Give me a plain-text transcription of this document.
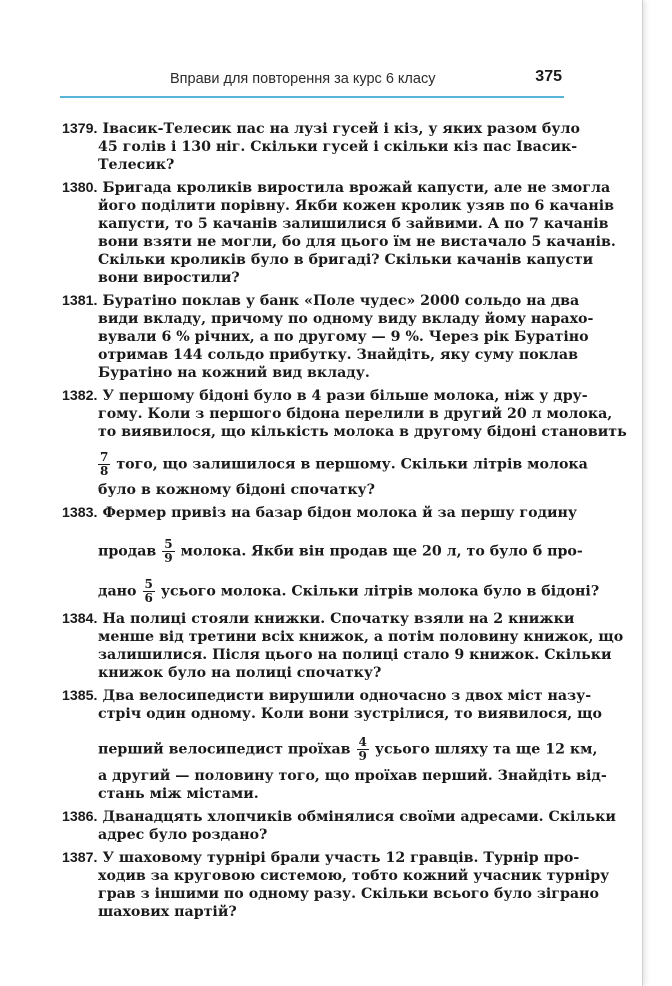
Вправи для повторення за курс 6 класу	375
1379. Івасик-Телесик пас на лузі гусей і кіз, у яких разом було
45 голів і 130 ніг. Скільки гусей і скільки кіз пас Івасик-
Телесик?
1380. Бригада кроликів виростила врожай капусти, але не змогла
його поділити порівну. Якби кожен кролик узяв по 6 качанів
капусти, то 5 качанів залишилися б зайвими. А по 7 качанів
вони взяти не могли, бо для цього їм не вистачало 5 качанів.
Скільки кроликів було в бригаді? Скільки качанів капусти
вони виростили?
1381. Буратіно поклав у банк «Поле чудес» 2000 сольдо на два
види вкладу, причому по одному виду вкладу йому нарахо-
вували 6 % річних, а по другому — 9 %. Через рік Буратіно
отримав 144 сольдо прибутку. Знайдіть, яку суму поклав
Буратіно на кожний вид вкладу.
1382. У першому бідоні було в 4 рази більше молока, ніж у дру-
гому. Коли з першого бідона перелили в другий 20 л молока,
то виявилося, що кількість молока в другому бідоні становить
$\frac{7}{8}$ того, що залишилося в першому. Скільки літрів молока
було в кожному бідоні спочатку?
1383. Фермер привіз на базар бідон молока й за першу годину
продав $\frac{5}{9}$ молока. Якби він продав ще 20 л, то було б про-
дано $\frac{5}{6}$ усього молока. Скільки літрів молока було в бідоні?
1384. На полиці стояли книжки. Спочатку взяли на 2 книжки
менше від третини всіх книжок, а потім половину книжок, що
залишилися. Після цього на полиці стало 9 книжок. Скільки
книжок було на полиці спочатку?
1385. Два велосипедисти вирушили одночасно з двох міст назу-
стріч один одному. Коли вони зустрілися, то виявилося, що
перший велосипедист проїхав $\frac{4}{9}$ усього шляху та ще 12 км,
а другий — половину того, що проїхав перший. Знайдіть від-
стань між містами.
1386. Дванадцять хлопчиків обмінялися своїми адресами. Скільки
адрес було роздано?
1387. У шаховому турнірі брали участь 12 гравців. Турнір про-
ходив за круговою системою, тобто кожний учасник турніру
грав з іншими по одному разу. Скільки всього було зіграно
шахових партій?
